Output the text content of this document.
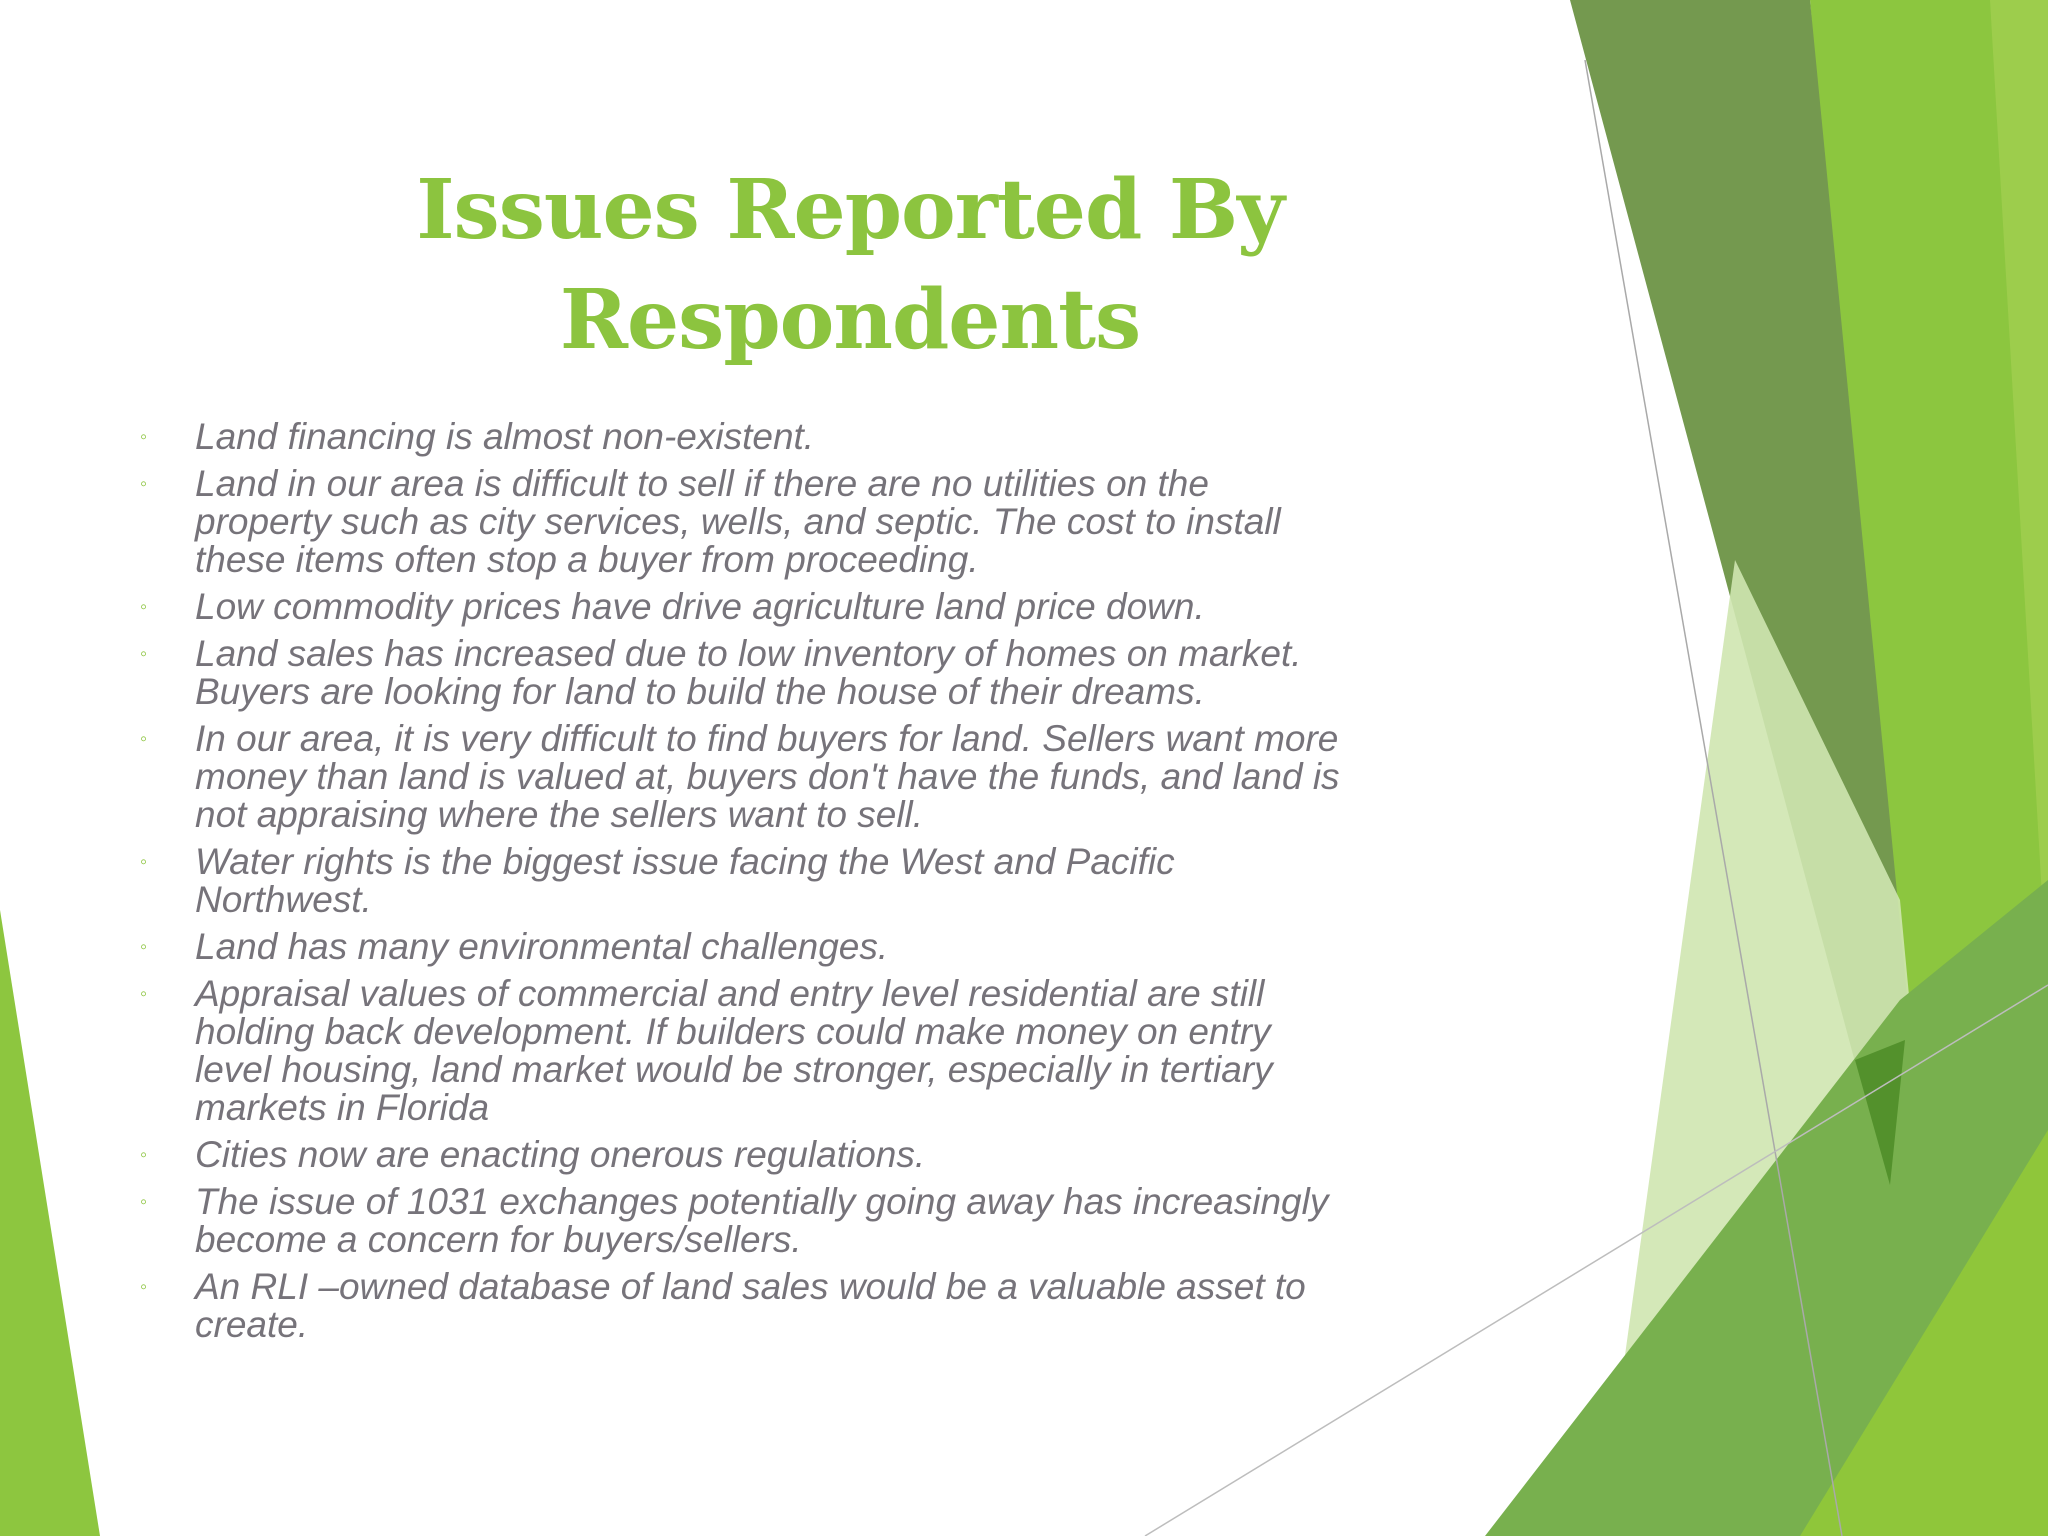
Issues Reported By
Respondents
◦	Land financing is almost non-existent.
◦	Land in our area is difficult to sell if there are no utilities on the
property such as city services, wells, and septic. The cost to install
these items often stop a buyer from proceeding.
◦	Low commodity prices have drive agriculture land price down.
◦	Land sales has increased due to low inventory of homes on market.
Buyers are looking for land to build the house of their dreams.
◦	In our area, it is very difficult to find buyers for land. Sellers want more
money than land is valued at, buyers don't have the funds, and land is
not appraising where the sellers want to sell.
◦	Water rights is the biggest issue facing the West and Pacific
Northwest.
◦	Land has many environmental challenges.
◦	Appraisal values of commercial and entry level residential are still
holding back development. If builders could make money on entry
level housing, land market would be stronger, especially in tertiary
markets in Florida
◦	Cities now are enacting onerous regulations.
◦	The issue of 1031 exchanges potentially going away has increasingly
become a concern for buyers/sellers.
◦	An RLI –owned database of land sales would be a valuable asset to
create.
